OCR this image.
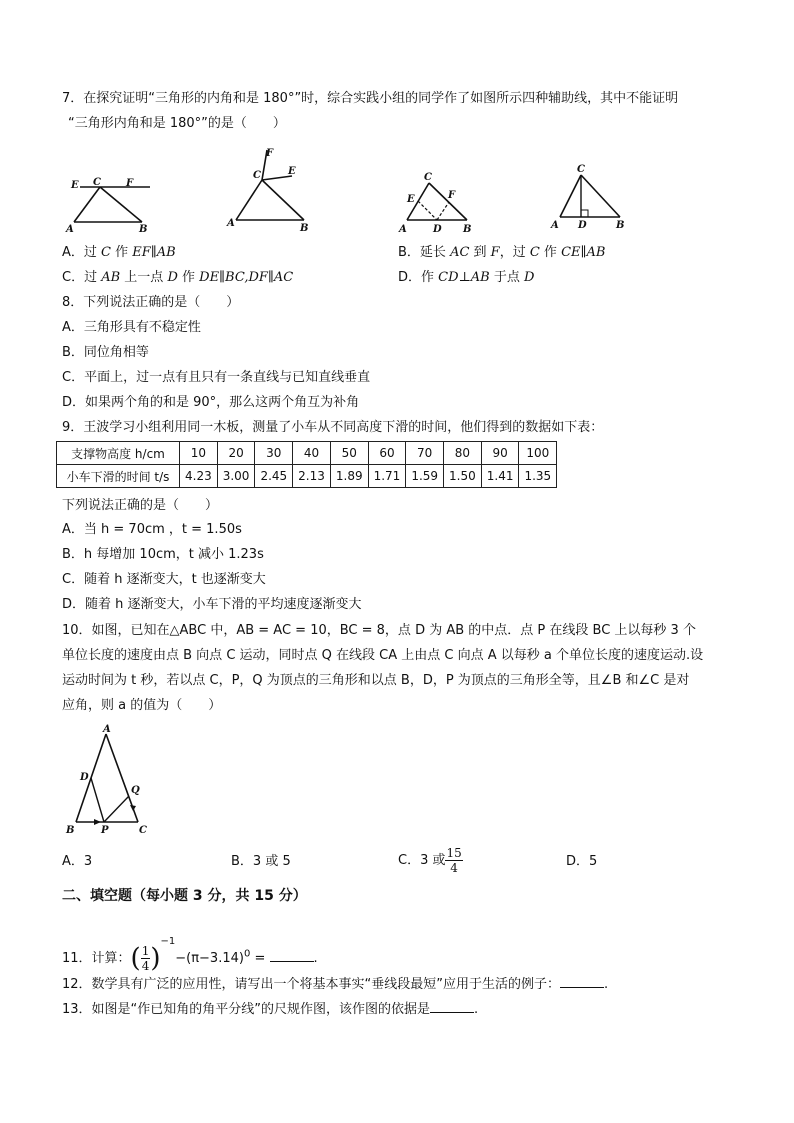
7．在探究证明“三角形的内角和是 180°”时，综合实践小组的同学作了如图所示四种辅助线，其中不能证明
“三角形内角和是 180°”的是（　　）
E C	F
A	B
F
C	E
A	B
C
E	F
A	D B
C
A D	B
A．过 C 作 EF∥AB	B．延长 AC 到 F，过 C 作 CE∥AB
C．过 AB 上一点 D 作 DE∥BC,DF∥AC	D．作 CD⊥AB 于点 D
8．下列说法正确的是（　　）
A．三角形具有不稳定性
B．同位角相等
C．平面上，过一点有且只有一条直线与已知直线垂直
D．如果两个角的和是 90°，那么这两个角互为补角
9．王波学习小组利用同一木板，测量了小车从不同高度下滑的时间，他们得到的数据如下表：
支撑物高度 h/cm	10	20	30	40	50	60	70	80	90	100
小车下滑的时间 t/s	4.23	3.00	2.45	2.13	1.89	1.71	1.59	1.50	1.41	1.35
下列说法正确的是（　　）
A．当 h = 70cm ，t = 1.50s
B．h 每增加 10cm，t 减小 1.23s
C．随着 h 逐渐变大，t 也逐渐变大
D．随着 h 逐渐变大，小车下滑的平均速度逐渐变大
10．如图，已知在△ABC 中，AB = AC = 10，BC = 8，点 D 为 AB 的中点．点 P 在线段 BC 上以每秒 3 个
单位长度的速度由点 B 向点 C 运动，同时点 Q 在线段 CA 上由点 C 向点 A 以每秒 a 个单位长度的速度运动.设
运动时间为 t 秒，若以点 C，P，Q 为顶点的三角形和以点 B，D，P 为顶点的三角形全等，且∠B 和∠C 是对
应角，则 a 的值为（　　）
A
D
Q
B	P	C
A．3	B．3 或 5	C．3 或 $\frac{15}{4}$	D．5
二、填空题（每小题 3 分，共 15 分）
11．计算：( $\frac{1}{4} )^{-1}-(\pi-3.14)^0$ =	.
12．数学具有广泛的应用性，请写出一个将基本事实“垂线段最短”应用于生活的例子：	.
13．如图是“作已知角的角平分线”的尺规作图，该作图的依据是	.
